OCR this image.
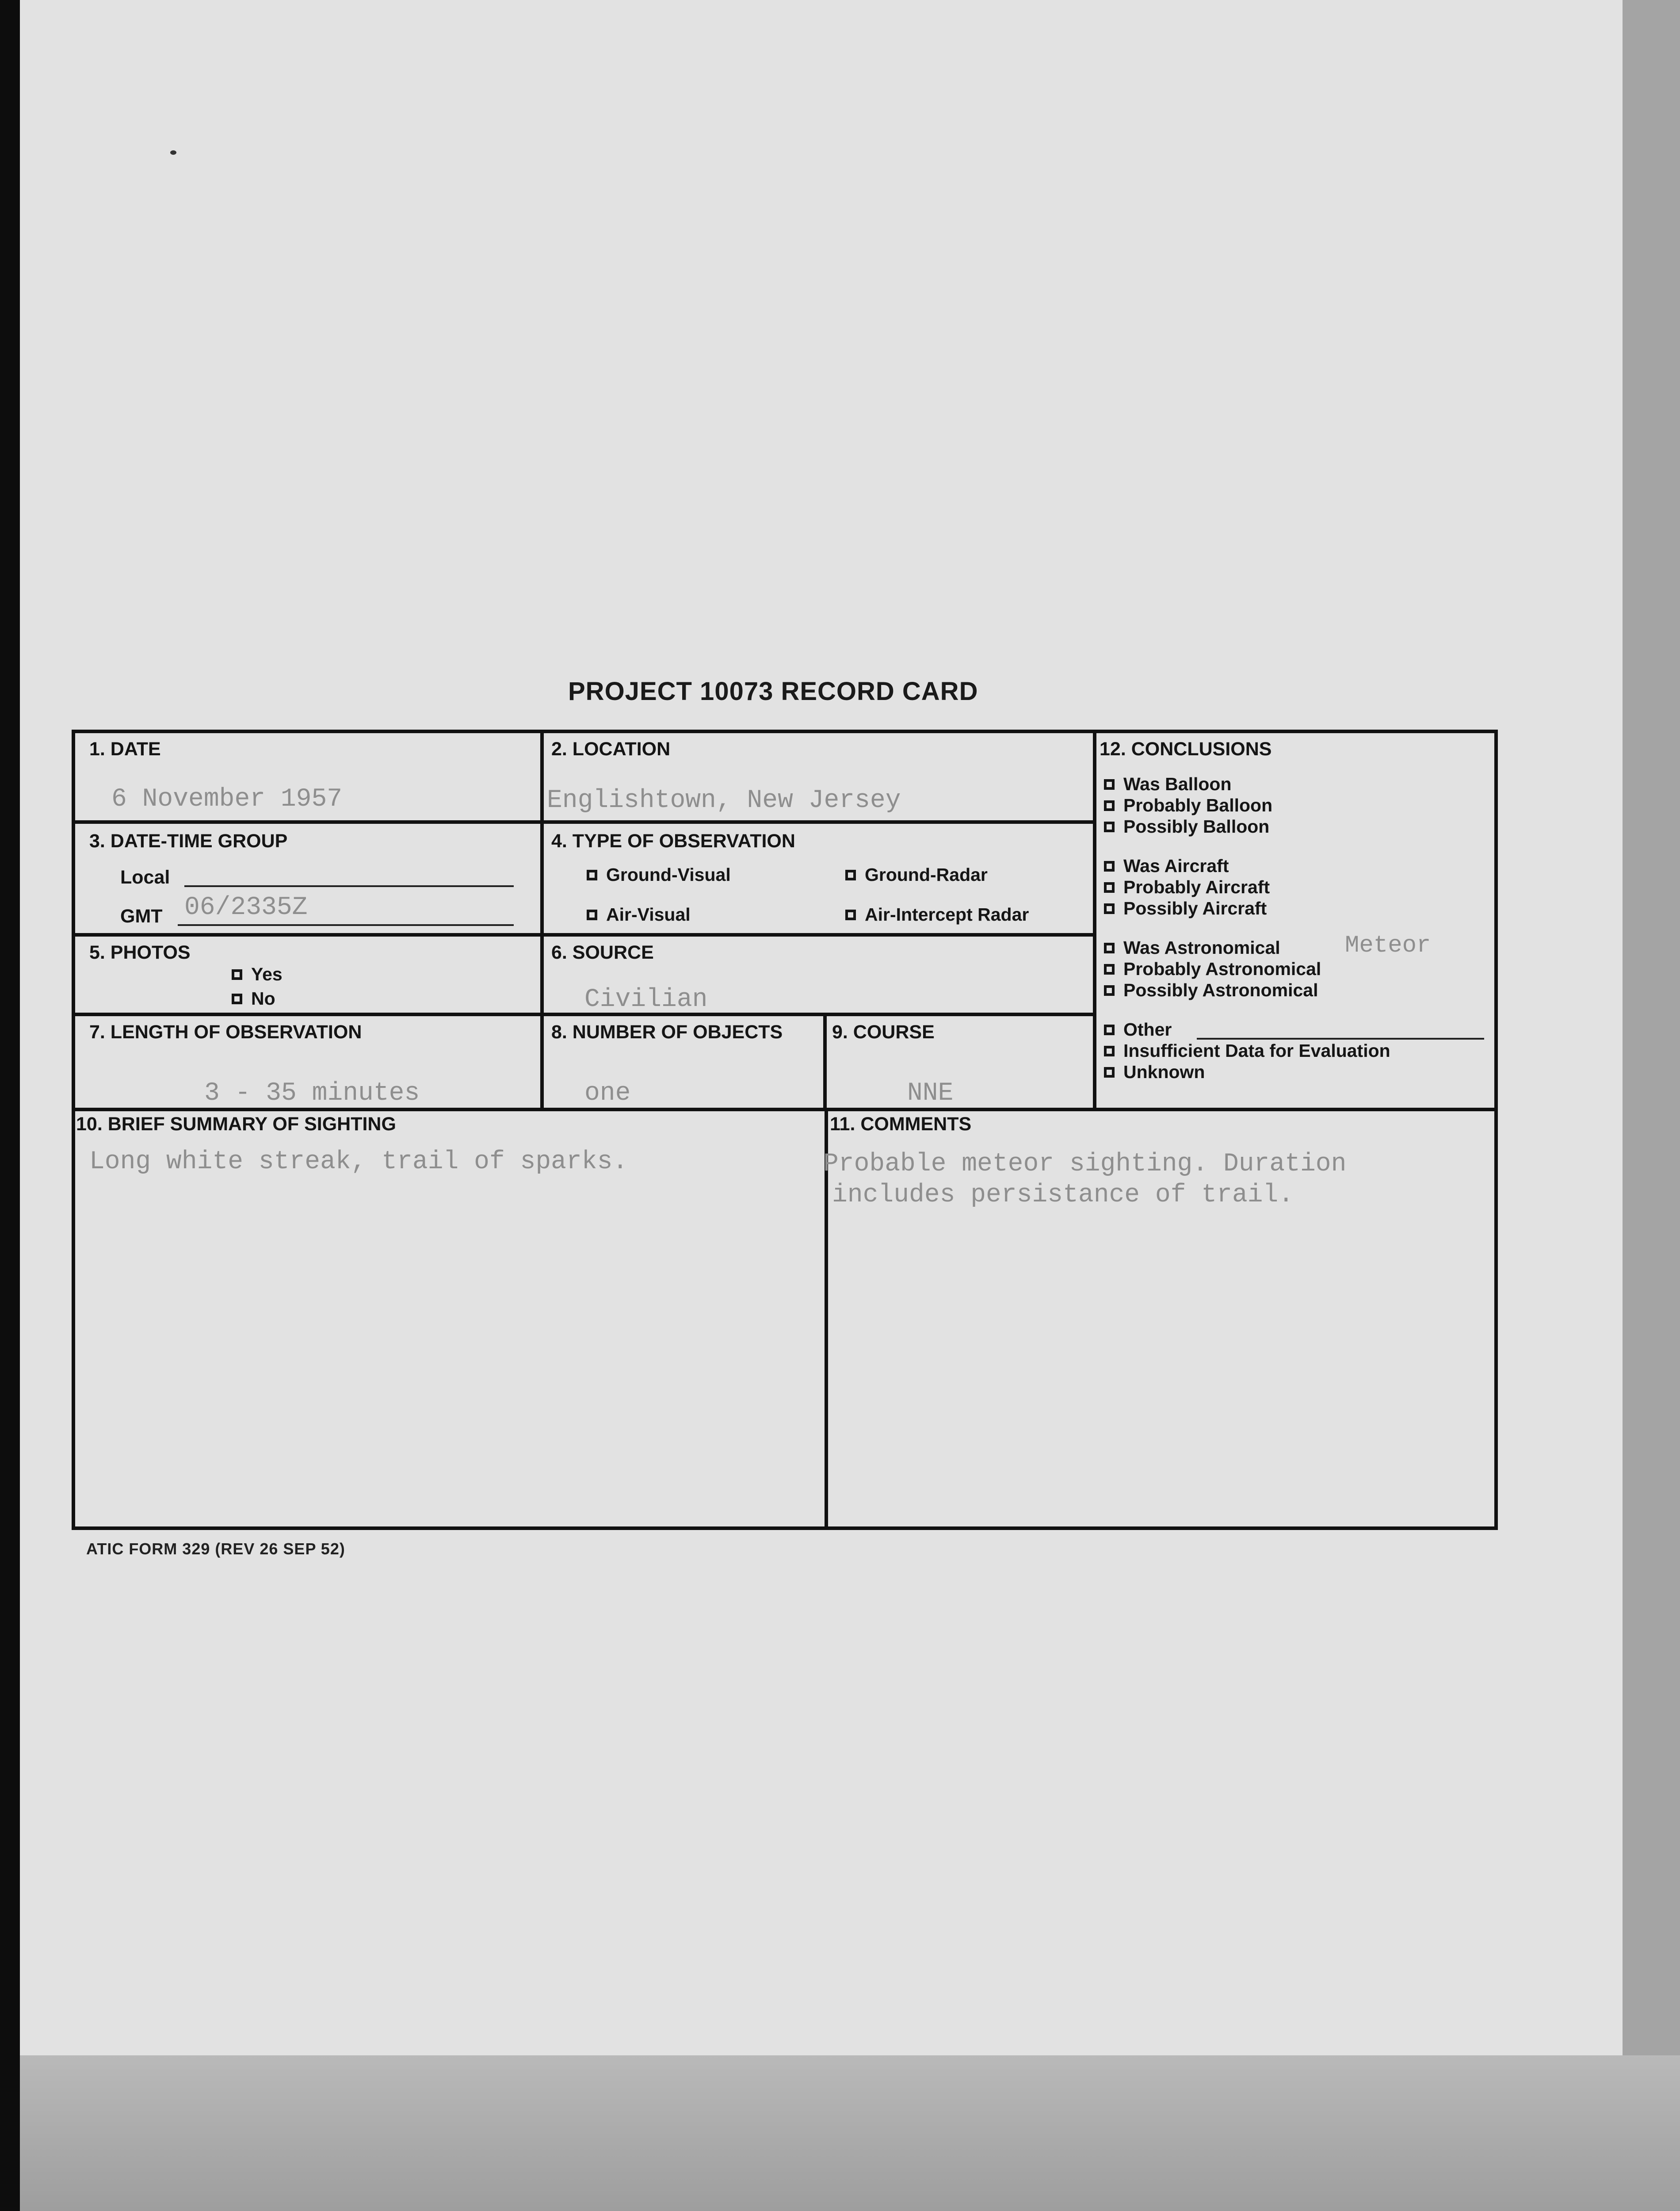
PROJECT 10073 RECORD CARD
1. DATE
6 November 1957
2. LOCATION
Englishtown, New Jersey
3. DATE-TIME GROUP
Local
GMT 06/2335Z
4. TYPE OF OBSERVATION
Ground-Visual	Ground-Radar
Air-Visual	Air-Intercept Radar
5. PHOTOS
Yes
No
6. SOURCE
Civilian
7. LENGTH OF OBSERVATION
3 - 35 minutes
8. NUMBER OF OBJECTS
one
9. COURSE
NNE
10. BRIEF SUMMARY OF SIGHTING
Long white streak, trail of sparks.
11. COMMENTS
Probable meteor sighting. Duration
includes persistance of trail.
12. CONCLUSIONS
Was Balloon
Probably Balloon
Possibly Balloon
Was Aircraft
Probably Aircraft
Possibly Aircraft
Was Astronomical	Meteor
Probably Astronomical
Possibly Astronomical
Other
Insufficient Data for Evaluation
Unknown
ATIC FORM 329 (REV 26 SEP 52)
